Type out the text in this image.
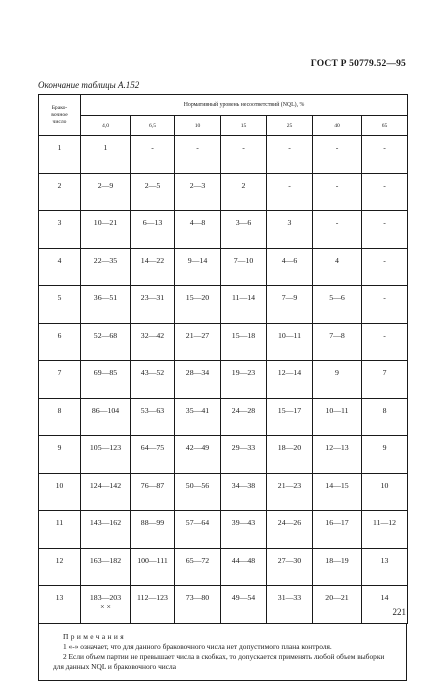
ГОСТ Р 50779.52—95
Окончание таблицы А.152
Брако-
вочное
число	Нормативный уровень несоответствий (NQL), %						
	4,0	6,5	10	15	25	40	65
1	1	-	-	-	-	-	-
2	2—9	2—5	2—3	2	-	-	-
3	10—21	6—13	4—8	3—6	3	-	-
4	22—35	14—22	9—14	7—10	4—6	4	-
5	36—51	23—31	15—20	11—14	7—9	5—6	-
6	52—68	32—42	21—27	15—18	10—11	7—8	-
7	69—85	43—52	28—34	19—23	12—14	9	7
8	86—104	53—63	35—41	24—28	15—17	10—11	8
9	105—123	64—75	42—49	29—33	18—20	12—13	9
10	124—142	76—87	50—56	34—38	21—23	14—15	10
11	143—162	88—99	57—64	39—43	24—26	16—17	11—12
12	163—182	100—111	65—72	44—48	27—30	18—19	13
13	183—203
× ×	112—123	73—80	49—54	31—33	20—21	14
Примечания
1 «-» означает, что для данного браковочного числа нет допустимого плана контроля.
2 Если объем партии не превышает числа в скобках, то допускается применять любой объем выборки для данных NQL и браковочного числа
221
